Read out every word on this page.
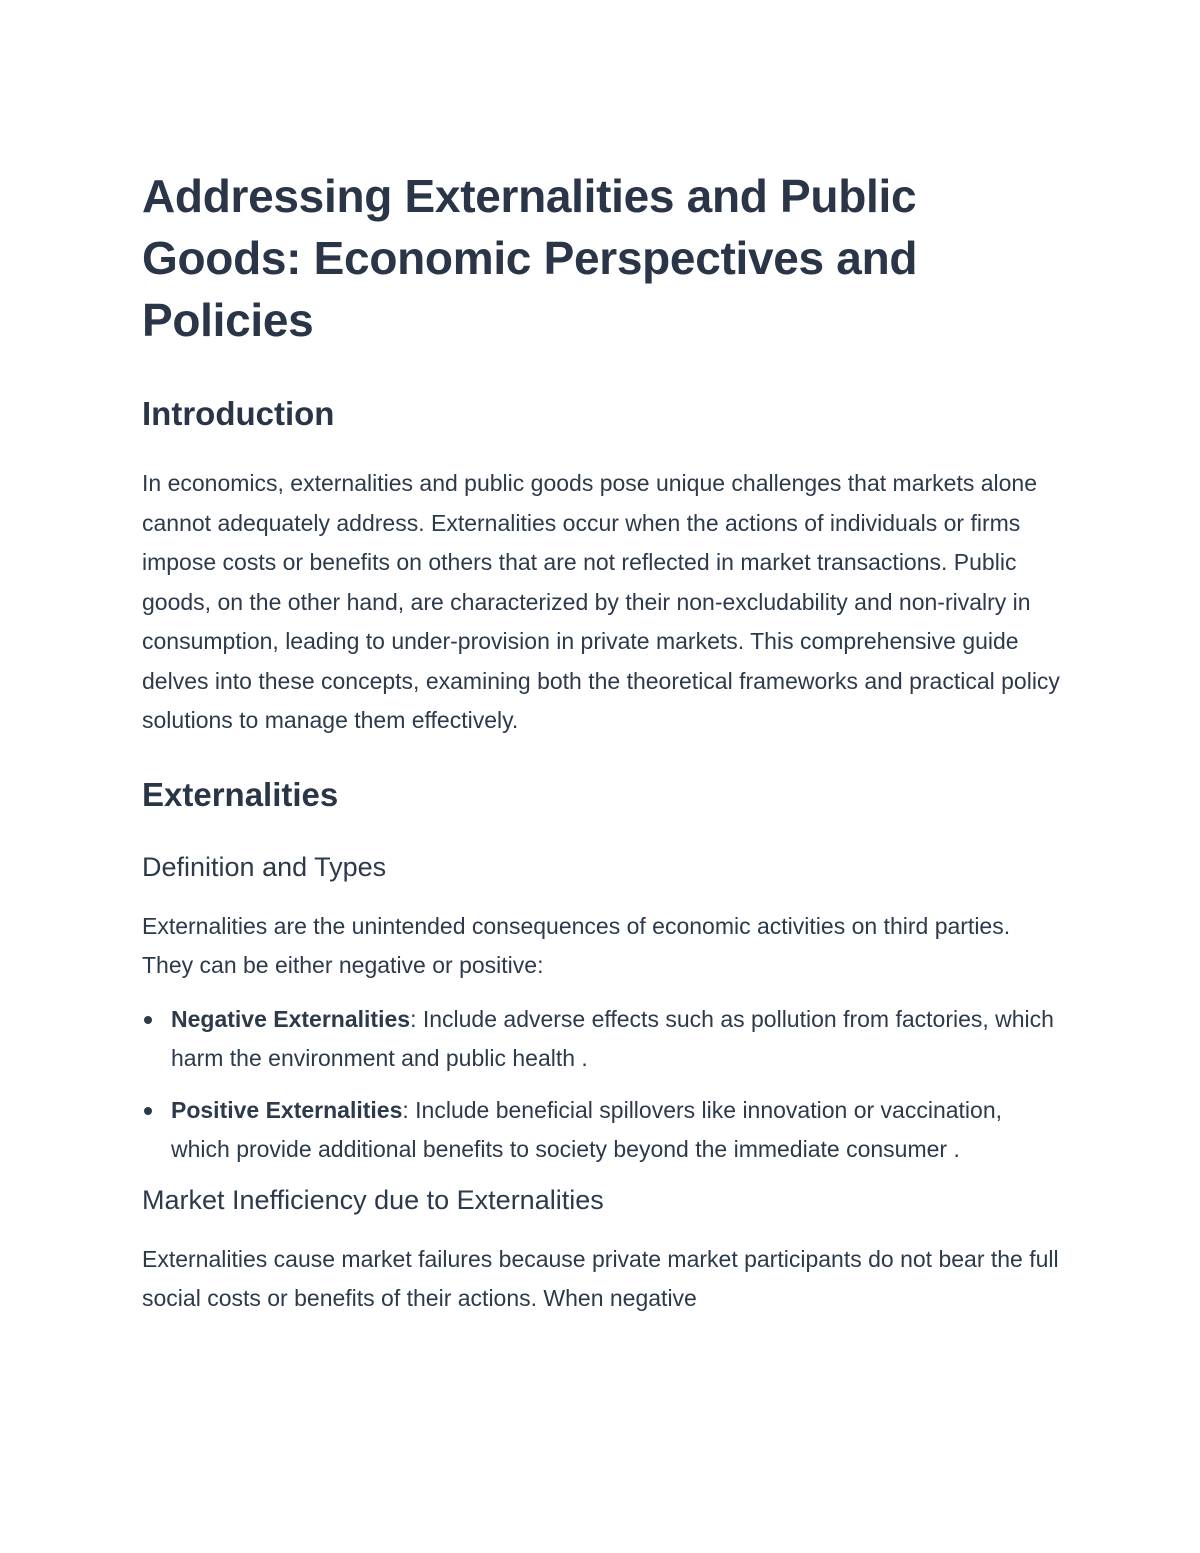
Addressing Externalities and Public Goods: Economic Perspectives and Policies
Introduction

In economics, externalities and public goods pose unique challenges that markets alone cannot adequately address. Externalities occur when the actions of individuals or firms impose costs or benefits on others that are not reflected in market transactions. Public goods, on the other hand, are characterized by their non-excludability and non-rivalry in consumption, leading to under-provision in private markets. This comprehensive guide delves into these concepts, examining both the theoretical frameworks and practical policy solutions to manage them effectively.

Externalities
Definition and Types

Externalities are the unintended consequences of economic activities on third parties. They can be either negative or positive:

Negative Externalities: Include adverse effects such as pollution from factories, which harm the environment and public health .
Positive Externalities: Include beneficial spillovers like innovation or vaccination, which provide additional benefits to society beyond the immediate consumer .
Market Inefficiency due to Externalities

Externalities cause market failures because private market participants do not bear the full social costs or benefits of their actions. When negative
